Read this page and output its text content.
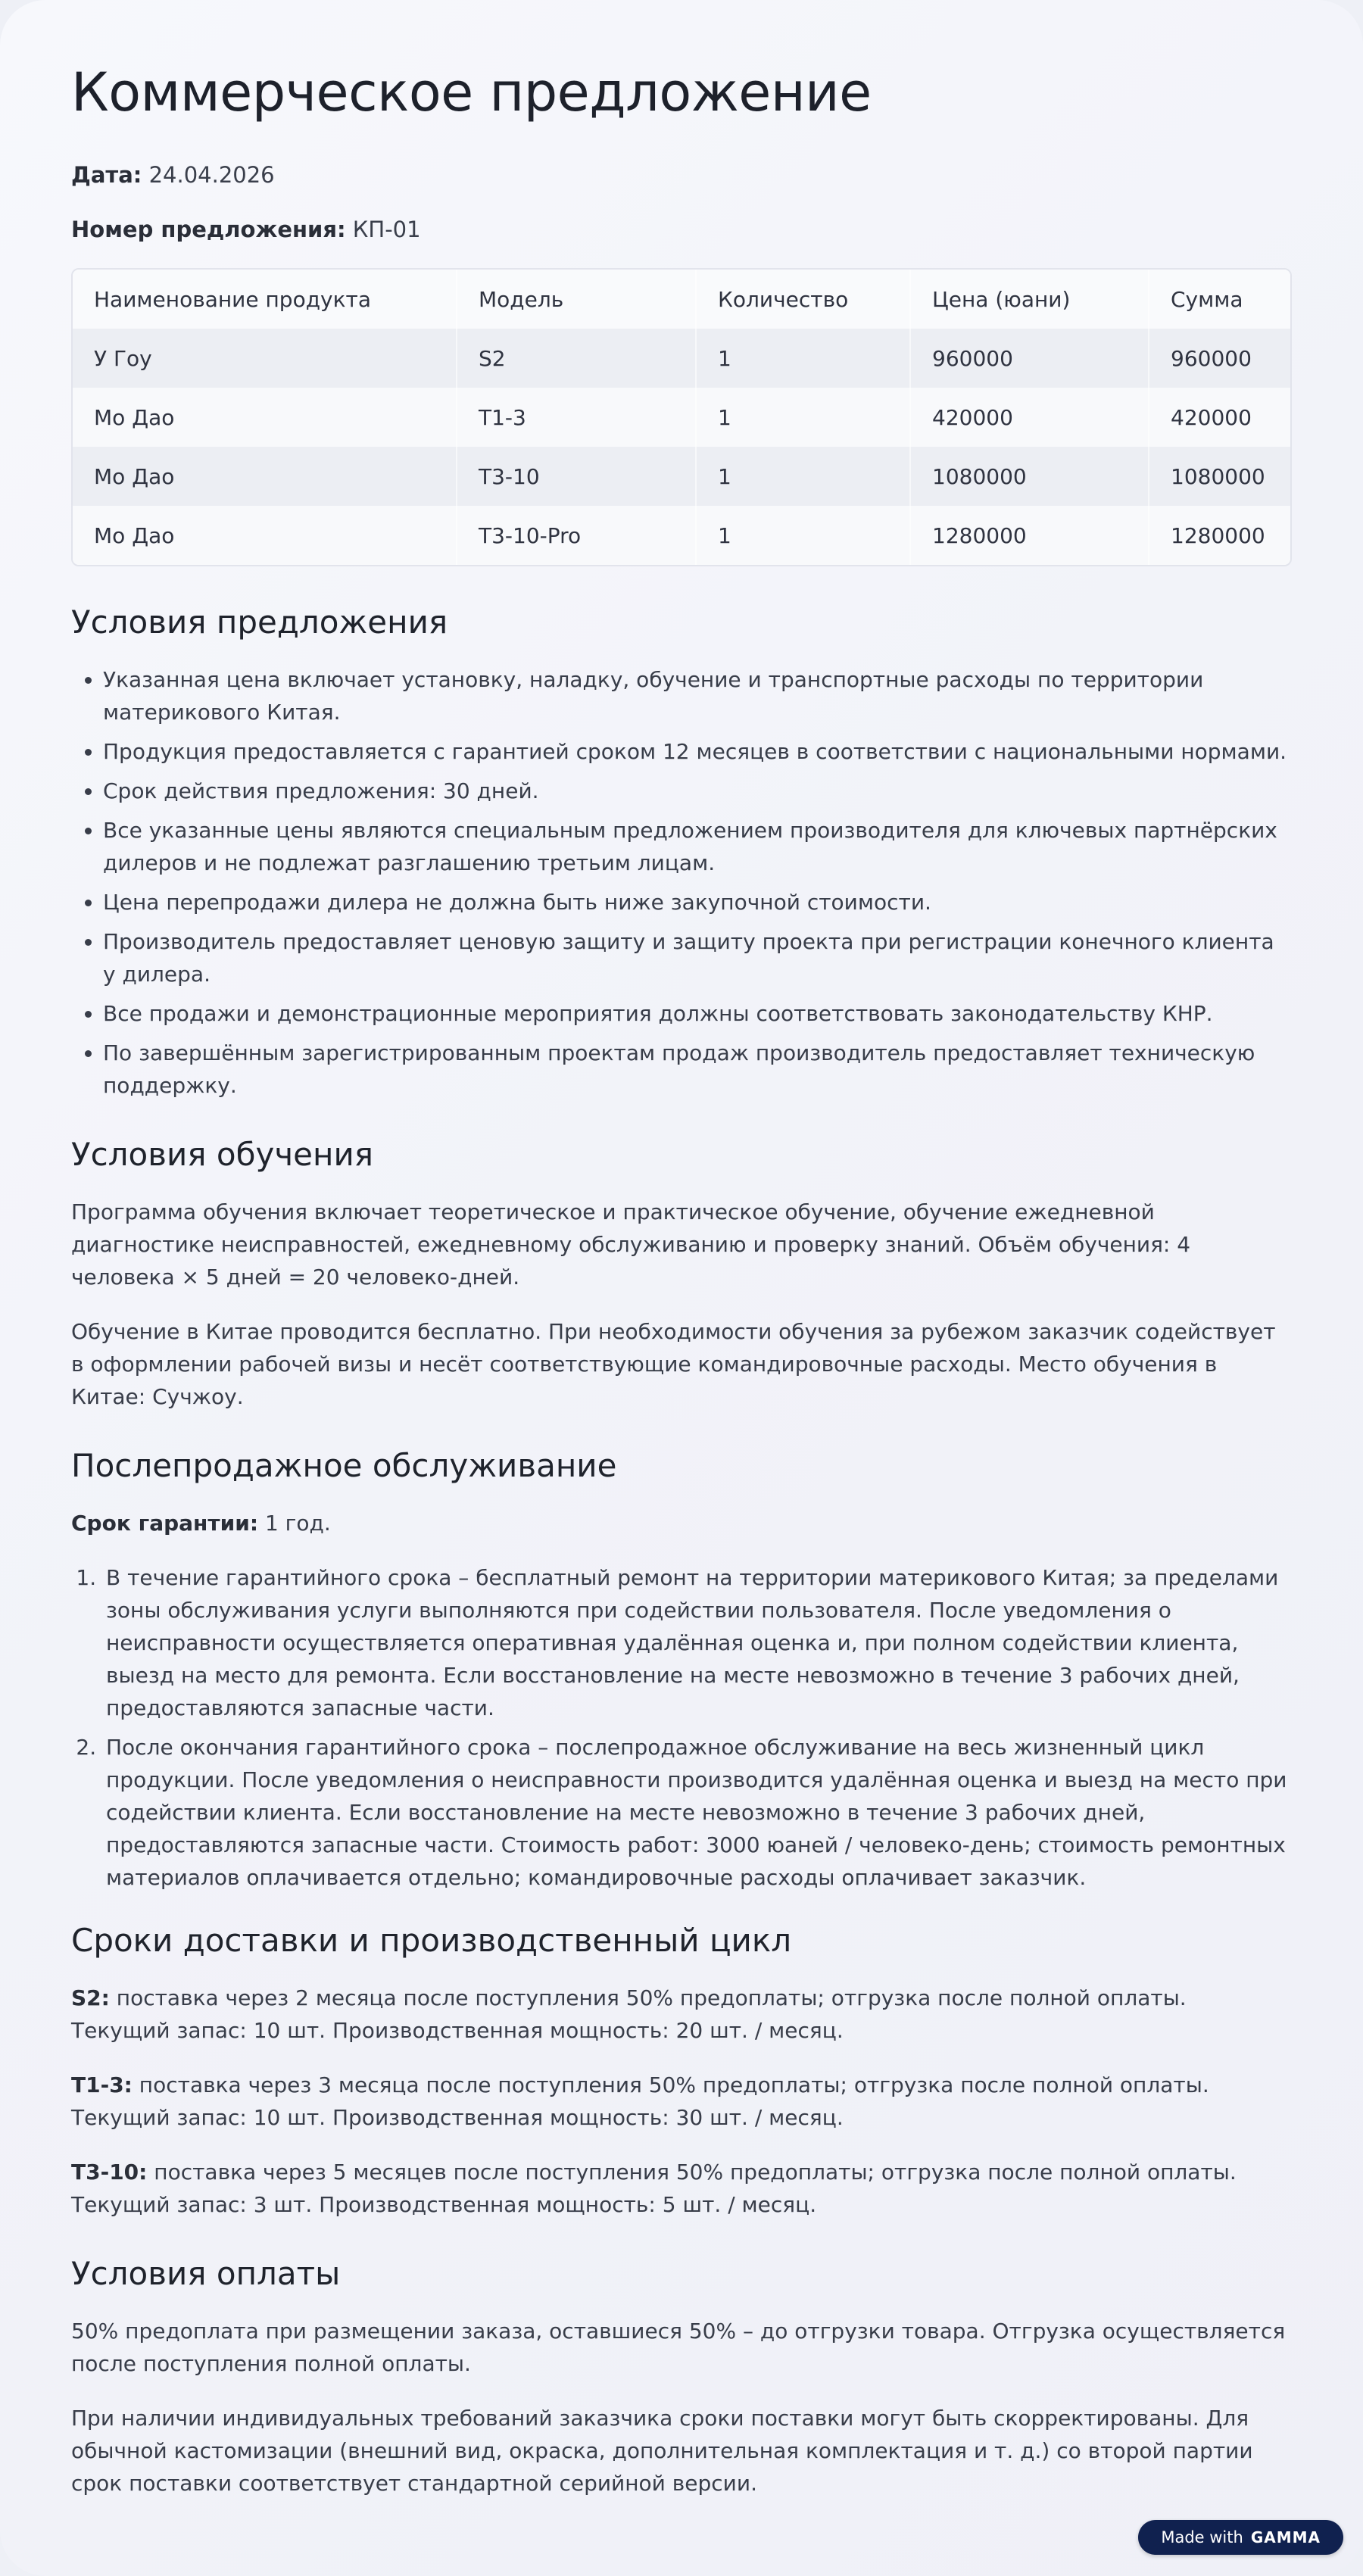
Коммерческое предложение

Дата: 24.04.2026

Номер предложения: КП-01

Наименование продукта	Модель	Количество	Цена (юани)	Сумма
У Гоу	S2	1	960000	960000
Мо Дао	T1-3	1	420000	420000
Мо Дао	T3-10	1	1080000	1080000
Мо Дао	T3-10-Pro	1	1280000	1280000
Условия предложения
• Указанная цена включает установку, наладку, обучение и транспортные расходы по территории материкового Китая.
• Продукция предоставляется с гарантией сроком 12 месяцев в соответствии с национальными нормами.
• Срок действия предложения: 30 дней.
• Все указанные цены являются специальным предложением производителя для ключевых партнёрских дилеров и не подлежат разглашению третьим лицам.
• Цена перепродажи дилера не должна быть ниже закупочной стоимости.
• Производитель предоставляет ценовую защиту и защиту проекта при регистрации конечного клиента у дилера.
• Все продажи и демонстрационные мероприятия должны соответствовать законодательству КНР.
• По завершённым зарегистрированным проектам продаж производитель предоставляет техническую поддержку.
Условия обучения

Программа обучения включает теоретическое и практическое обучение, обучение ежедневной диагностике неисправностей, ежедневному обслуживанию и проверку знаний. Объём обучения: 4 человека × 5 дней = 20 человеко-дней.

Обучение в Китае проводится бесплатно. При необходимости обучения за рубежом заказчик содействует в оформлении рабочей визы и несёт соответствующие командировочные расходы. Место обучения в Китае: Сучжоу.

Послепродажное обслуживание

Срок гарантии: 1 год.

1. В течение гарантийного срока – бесплатный ремонт на территории материкового Китая; за пределами зоны обслуживания услуги выполняются при содействии пользователя. После уведомления о неисправности осуществляется оперативная удалённая оценка и, при полном содействии клиента, выезд на место для ремонта. Если восстановление на месте невозможно в течение 3 рабочих дней, предоставляются запасные части.
2. После окончания гарантийного срока – послепродажное обслуживание на весь жизненный цикл продукции. После уведомления о неисправности производится удалённая оценка и выезд на место при содействии клиента. Если восстановление на месте невозможно в течение 3 рабочих дней, предоставляются запасные части. Стоимость работ: 3000 юаней / человеко-день; стоимость ремонтных материалов оплачивается отдельно; командировочные расходы оплачивает заказчик.
Сроки доставки и производственный цикл

S2: поставка через 2 месяца после поступления 50% предоплаты; отгрузка после полной оплаты. Текущий запас: 10 шт. Производственная мощность: 20 шт. / месяц.

T1-3: поставка через 3 месяца после поступления 50% предоплаты; отгрузка после полной оплаты. Текущий запас: 10 шт. Производственная мощность: 30 шт. / месяц.

T3-10: поставка через 5 месяцев после поступления 50% предоплаты; отгрузка после полной оплаты. Текущий запас: 3 шт. Производственная мощность: 5 шт. / месяц.

Условия оплаты

50% предоплата при размещении заказа, оставшиеся 50% – до отгрузки товара. Отгрузка осуществляется после поступления полной оплаты.

При наличии индивидуальных требований заказчика сроки поставки могут быть скорректированы. Для обычной кастомизации (внешний вид, окраска, дополнительная комплектация и т. д.) со второй партии срок поставки соответствует стандартной серийной версии.

Made with GAMMA
